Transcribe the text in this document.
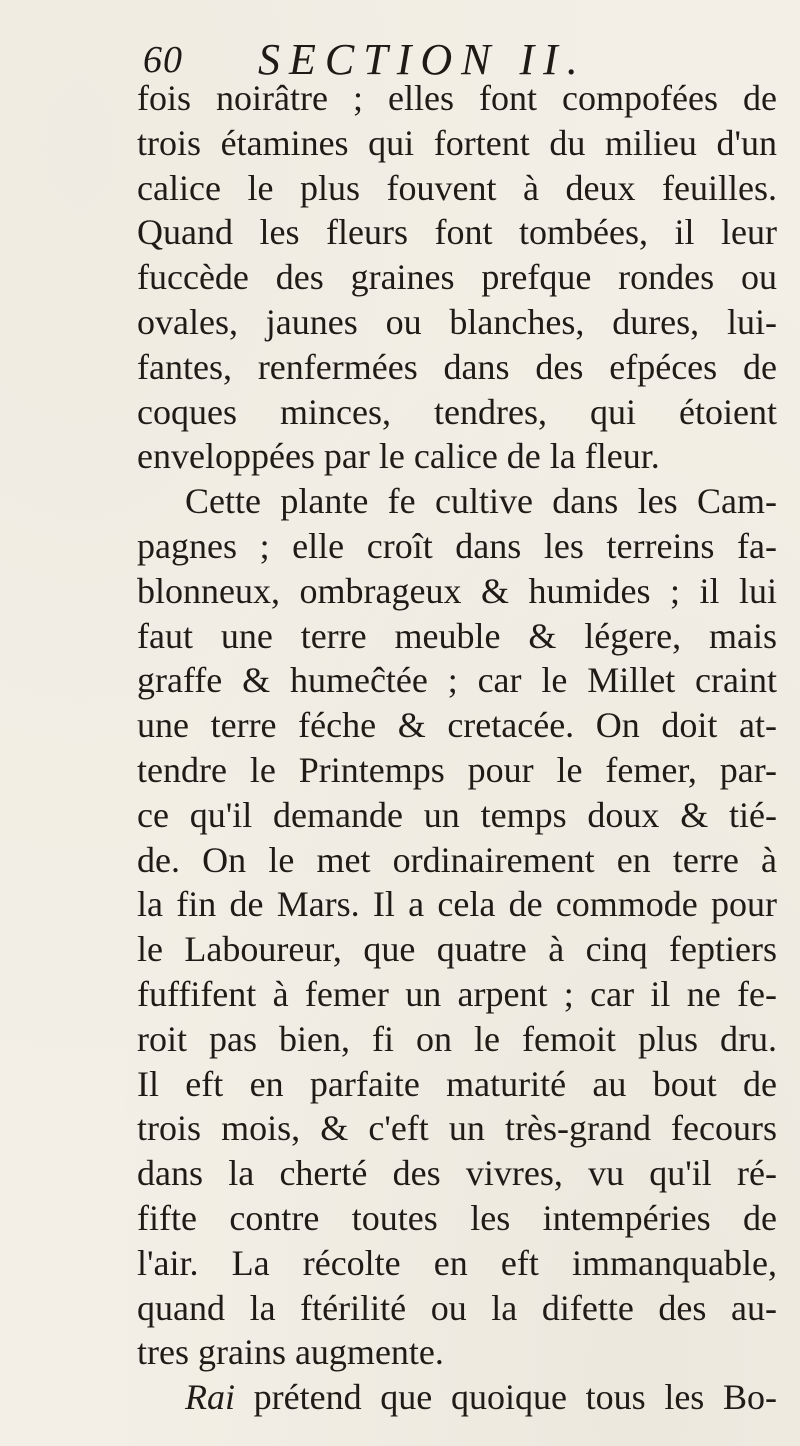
60 SECTION II.
fois noirâtre ; elles font compofées de
trois étamines qui fortent du milieu d'un
calice le plus fouvent à deux feuilles.
Quand les fleurs font tombées, il leur
fuccède des graines prefque rondes ou
ovales, jaunes ou blanches, dures, lui-
fantes, renfermées dans des efpéces de
coques minces, tendres, qui étoient
enveloppées par le calice de la fleur.
Cette plante fe cultive dans les Cam-
pagnes ; elle croît dans les terreins fa-
blonneux, ombrageux & humides ; il lui
faut une terre meuble & légere, mais
graffe & humeĉtée ; car le Millet craint
une terre féche & cretacée. On doit at-
tendre le Printemps pour le femer, par-
ce qu'il demande un temps doux & tié-
de. On le met ordinairement en terre à
la fin de Mars. Il a cela de commode pour
le Laboureur, que quatre à cinq feptiers
fuffifent à femer un arpent ; car il ne fe-
roit pas bien, fi on le femoit plus dru.
Il eft en parfaite maturité au bout de
trois mois, & c'eft un très-grand fecours
dans la cherté des vivres, vu qu'il ré-
fifte contre toutes les intempéries de
l'air. La récolte en eft immanquable,
quand la ftérilité ou la difette des au-
tres grains augmente.
Rai prétend que quoique tous les Bo-
